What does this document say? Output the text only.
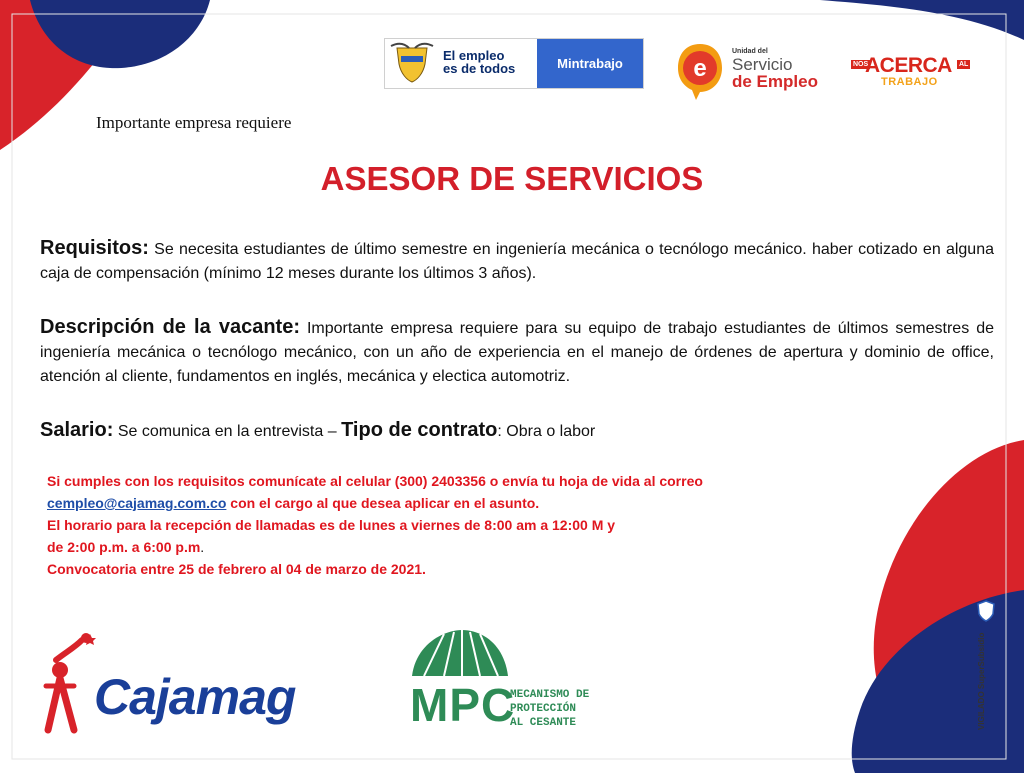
El empleo
es de todos	Mintrabajo	e
Unidad del
Servicio
de Empleo
NOS
ACERCA AL
TRABAJO
Importante empresa requiere
ASESOR DE SERVICIOS
Requisitos: Se necesita estudiantes de último semestre en ingeniería mecánica o tecnólogo mecánico. haber cotizado en alguna caja de compensación (mínimo 12 meses durante los últimos 3 años).
Descripción de la vacante: Importante empresa requiere para su equipo de trabajo estudiantes de últimos semestres de ingeniería mecánica o tecnólogo mecánico, con un año de experiencia en el manejo de órdenes de apertura y dominio de office, atención al cliente, fundamentos en inglés, mecánica y electica automotriz.
Salario: Se comunica en la entrevista – Tipo de contrato: Obra o labor
Si cumples con los requisitos comunícate al celular (300) 2403356 o envía tu hoja de vida al correo
cempleo@cajamag.com.co con el cargo al que desea aplicar en el asunto.
El horario para la recepción de llamadas es de lunes a viernes de 8:00 am a 12:00 M y
de 2:00 p.m. a 6:00 p.m.
Convocatoria entre 25 de febrero al 04 de marzo de 2021.
Cajamag MPC
MECANISMO DE
PROTECCIÓN
AL CESANTE	VIGILADO SuperSubsidio
